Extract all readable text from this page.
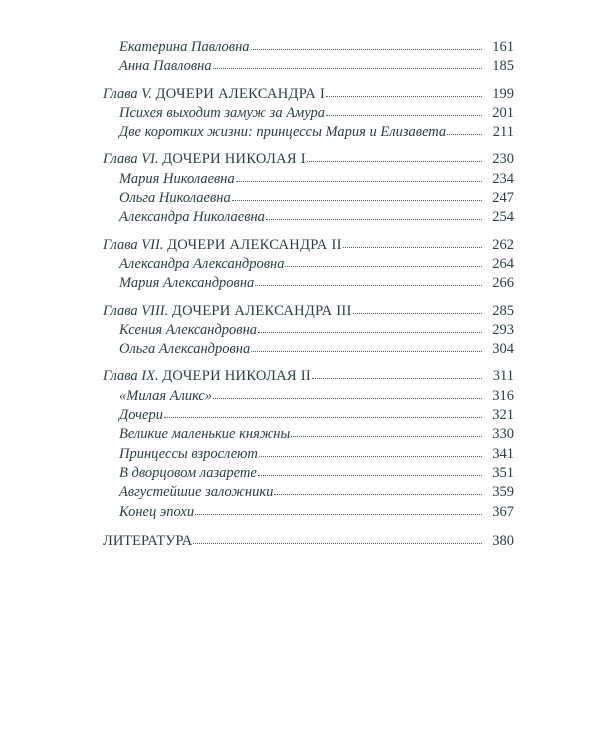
Екатерина Павловна	161
Анна Павловна	185
Глава V. ДОЧЕРИ АЛЕКСАНДРА I	199
Психея выходит замуж за Амура	201
Две коротких жизни: принцессы Мария и Елизавета	211
Глава VI. ДОЧЕРИ НИКОЛАЯ I	230
Мария Николаевна	234
Ольга Николаевна	247
Александра Николаевна	254
Глава VII. ДОЧЕРИ АЛЕКСАНДРА II	262
Александра Александровна	264
Мария Александровна	266
Глава VIII. ДОЧЕРИ АЛЕКСАНДРА III	285
Ксения Александровна	293
Ольга Александровна	304
Глава IX. ДОЧЕРИ НИКОЛАЯ II	311
«Милая Аликс»	316
Дочери	321
Великие маленькие княжны	330
Принцессы взрослеют	341
В дворцовом лазарете	351
Августейшие заложники	359
Конец эпохи	367
ЛИТЕРАТУРА	380
